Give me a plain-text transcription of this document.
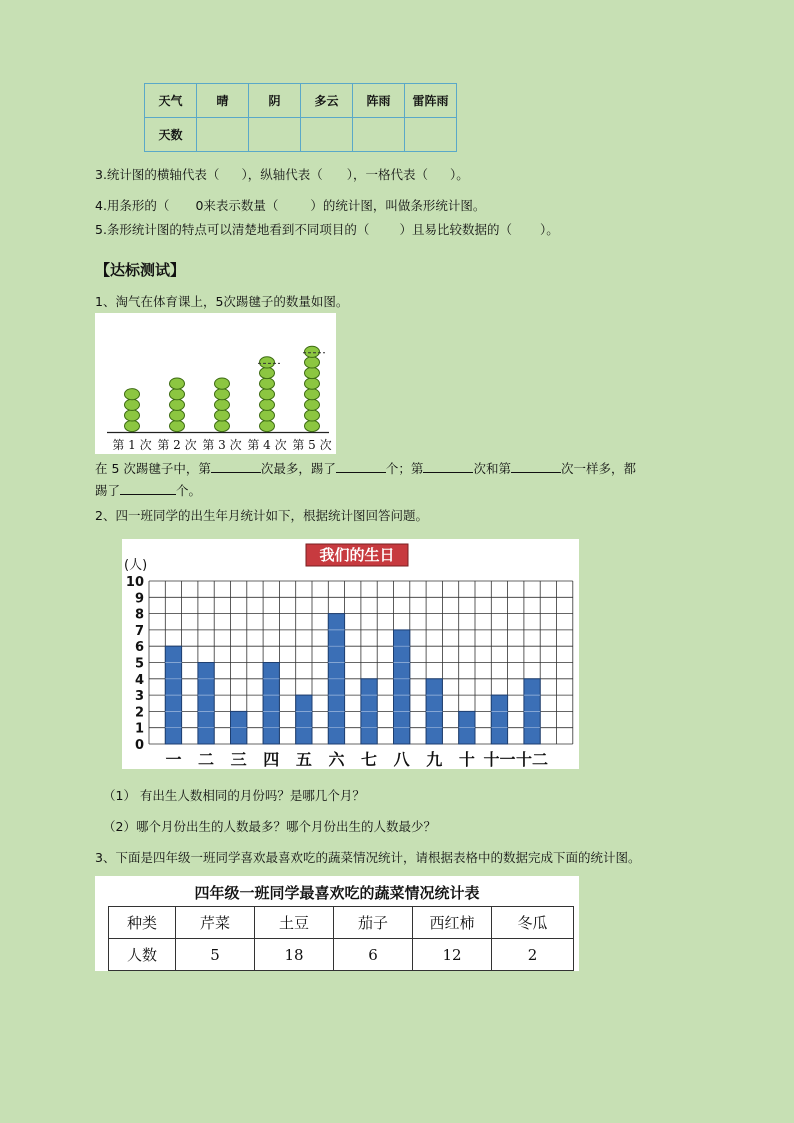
天气	晴	阴	多云	阵雨	雷阵雨
天数					
3.统计图的横轴代表（ ），纵轴代表（ ），一格代表（ ）。
4.用条形的（ 0来表示数量（	）的统计图，叫做条形统计图。
5.条形统计图的特点可以清楚地看到不同项目的（ ）且易比较数据的（ ）。
【达标测试】
1、淘气在体育课上，5次踢毽子的数量如图。
第 1 次 第 2 次 第 3 次 第 4 次 第 5 次
在 5 次踢毽子中，第	次最多，踢了	个；第	次和第	次一样多，都
踢了	个。
2、四一班同学的出生年月统计如下，根据统计图回答问题。
我们的生日
(人)
0
1
2
3
4
5
6
7
8
9
10
一 二 三 四 五 六 七 八 九 十 十一 十二
（1） 有出生人数相同的月份吗？是哪几个月？
（2）哪个月份出生的人数最多？哪个月份出生的人数最少？
3、下面是四年级一班同学喜欢最喜欢吃的蔬菜情况统计，请根据表格中的数据完成下面的统计图。
四年级一班同学最喜欢吃的蔬菜情况统计表
种类	芹菜	土豆	茄子	西红柿	冬瓜
人数	5	18	6	12	2
